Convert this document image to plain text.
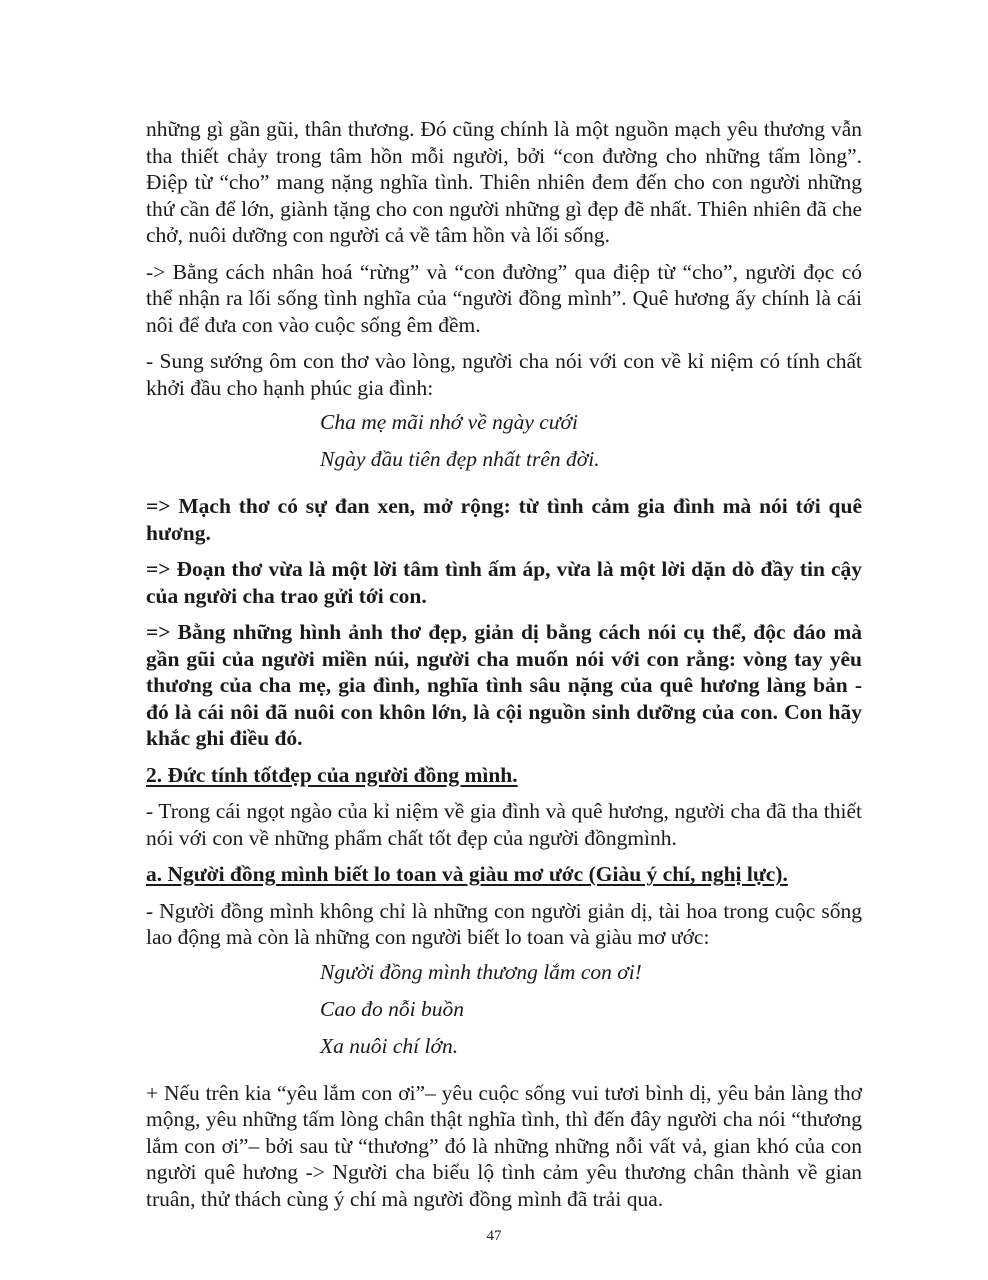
những gì gần gũi, thân thương. Đó cũng chính là một nguồn mạch yêu thương vẫn tha thiết chảy trong tâm hồn mỗi người, bởi “con đường cho những tấm lòng”. Điệp từ “cho” mang nặng nghĩa tình. Thiên nhiên đem đến cho con người những thứ cần để lớn, giành tặng cho con người những gì đẹp đẽ nhất. Thiên nhiên đã che chở, nuôi dưỡng con người cả về tâm hồn và lối sống.

-> Bằng cách nhân hoá “rừng” và “con đường” qua điệp từ “cho”, người đọc có thể nhận ra lối sống tình nghĩa của “người đồng mình”. Quê hương ấy chính là cái nôi để đưa con vào cuộc sống êm đềm.

- Sung sướng ôm con thơ vào lòng, người cha nói với con về kỉ niệm có tính chất khởi đầu cho hạnh phúc gia đình:

Cha mẹ mãi nhớ về ngày cưới
Ngày đầu tiên đẹp nhất trên đời.

=> Mạch thơ có sự đan xen, mở rộng: từ tình cảm gia đình mà nói tới quê hương.

=> Đoạn thơ vừa là một lời tâm tình ấm áp, vừa là một lời dặn dò đầy tin cậy của người cha trao gửi tới con.

=> Bằng những hình ảnh thơ đẹp, giản dị bằng cách nói cụ thể, độc đáo mà gần gũi của người miền núi, người cha muốn nói với con rằng: vòng tay yêu thương của cha mẹ, gia đình, nghĩa tình sâu nặng của quê hương làng bản - đó là cái nôi đã nuôi con khôn lớn, là cội nguồn sinh dưỡng của con. Con hãy khắc ghi điều đó.

2. Đức tính tốtđẹp của người đồng mình.

- Trong cái ngọt ngào của kỉ niệm về gia đình và quê hương, người cha đã tha thiết nói với con về những phẩm chất tốt đẹp của người đồngmình.

a. Người đồng mình biết lo toan và giàu mơ ước (Giàu ý chí, nghị lực).

- Người đồng mình không chỉ là những con người giản dị, tài hoa trong cuộc sống lao động mà còn là những con người biết lo toan và giàu mơ ước:

Người đồng mình thương lắm con ơi!
Cao đo nỗi buồn
Xa nuôi chí lớn.

+ Nếu trên kia “yêu lắm con ơi”– yêu cuộc sống vui tươi bình dị, yêu bản làng thơ mộng, yêu những tấm lòng chân thật nghĩa tình, thì đến đây người cha nói “thương lắm con ơi”– bởi sau từ “thương” đó là những những nỗi vất vả, gian khó của con người quê hương -> Người cha biểu lộ tình cảm yêu thương chân thành về gian truân, thử thách cùng ý chí mà người đồng mình đã trải qua.

47
